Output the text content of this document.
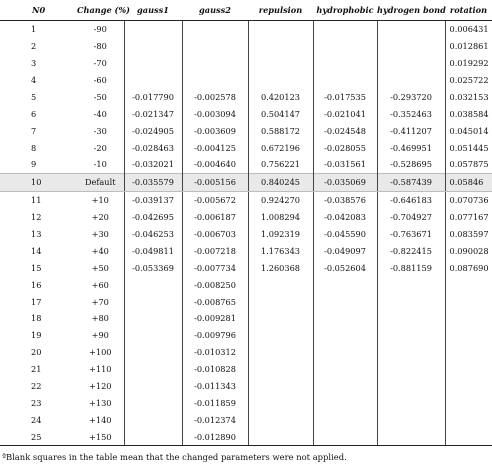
N0	Change (%)	gauss1	gauss2	repulsion	hydrophobic	hydrogen bond	rotation
1	-90						0.006431
2	-80						0.012861
3	-70						0.019292
4	-60						0.025722
5	-50	-0.017790	-0.002578	0.420123	-0.017535	-0.293720	0.032153
6	-40	-0.021347	-0.003094	0.504147	-0.021041	-0.352463	0.038584
7	-30	-0.024905	-0.003609	0.588172	-0.024548	-0.411207	0.045014
8	-20	-0.028463	-0.004125	0.672196	-0.028055	-0.469951	0.051445
9	-10	-0.032021	-0.004640	0.756221	-0.031561	-0.528695	0.057875
10	Default	-0.035579	-0.005156	0.840245	-0.035069	-0.587439	0.05846
11	+10	-0.039137	-0.005672	0.924270	-0.038576	-0.646183	0.070736
12	+20	-0.042695	-0.006187	1.008294	-0.042083	-0.704927	0.077167
13	+30	-0.046253	-0.006703	1.092319	-0.045590	-0.763671	0.083597
14	+40	-0.049811	-0.007218	1.176343	-0.049097	-0.822415	0.090028
15	+50	-0.053369	-0.007734	1.260368	-0.052604	-0.881159	0.087690
16	+60		-0.008250				
17	+70		-0.008765				
18	+80		-0.009281				
19	+90		-0.009796				
20	+100		-0.010312				
21	+110		-0.010828				
22	+120		-0.011343				
23	+130		-0.011859				
24	+140		-0.012374				
25	+150		-0.012890				
ªBlank squares in the table mean that the changed parameters were not applied.
